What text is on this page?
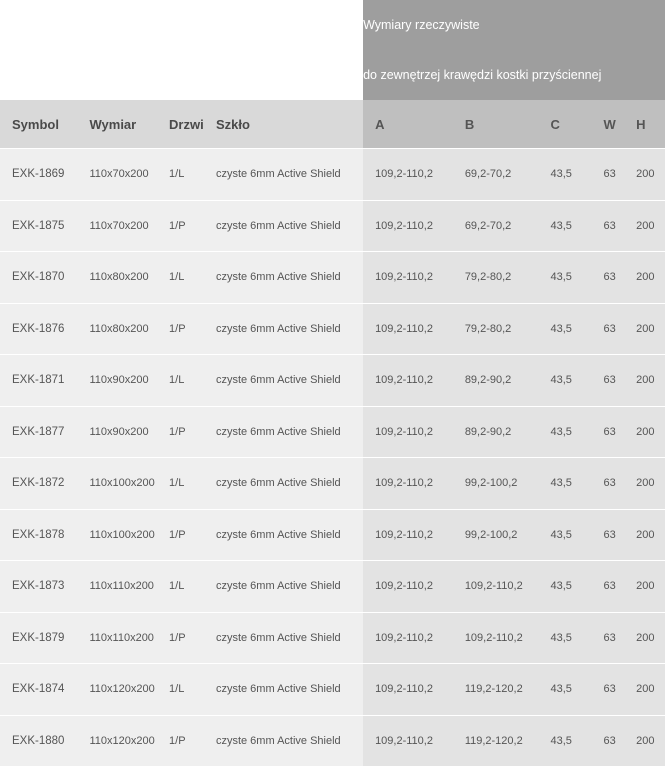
				Wymiary rzeczywiste				
				do zewnętrzej krawędzi kostki przyściennej				
Symbol	Wymiar	Drzwi	Szkło	A	B	C	W	H
EXK-1869	110x70x200	1/L	czyste 6mm Active Shield	109,2-110,2	69,2-70,2	43,5	63	200
EXK-1875	110x70x200	1/P	czyste 6mm Active Shield	109,2-110,2	69,2-70,2	43,5	63	200
EXK-1870	110x80x200	1/L	czyste 6mm Active Shield	109,2-110,2	79,2-80,2	43,5	63	200
EXK-1876	110x80x200	1/P	czyste 6mm Active Shield	109,2-110,2	79,2-80,2	43,5	63	200
EXK-1871	110x90x200	1/L	czyste 6mm Active Shield	109,2-110,2	89,2-90,2	43,5	63	200
EXK-1877	110x90x200	1/P	czyste 6mm Active Shield	109,2-110,2	89,2-90,2	43,5	63	200
EXK-1872	110x100x200	1/L	czyste 6mm Active Shield	109,2-110,2	99,2-100,2	43,5	63	200
EXK-1878	110x100x200	1/P	czyste 6mm Active Shield	109,2-110,2	99,2-100,2	43,5	63	200
EXK-1873	110x110x200	1/L	czyste 6mm Active Shield	109,2-110,2	109,2-110,2	43,5	63	200
EXK-1879	110x110x200	1/P	czyste 6mm Active Shield	109,2-110,2	109,2-110,2	43,5	63	200
EXK-1874	110x120x200	1/L	czyste 6mm Active Shield	109,2-110,2	119,2-120,2	43,5	63	200
EXK-1880	110x120x200	1/P	czyste 6mm Active Shield	109,2-110,2	119,2-120,2	43,5	63	200
